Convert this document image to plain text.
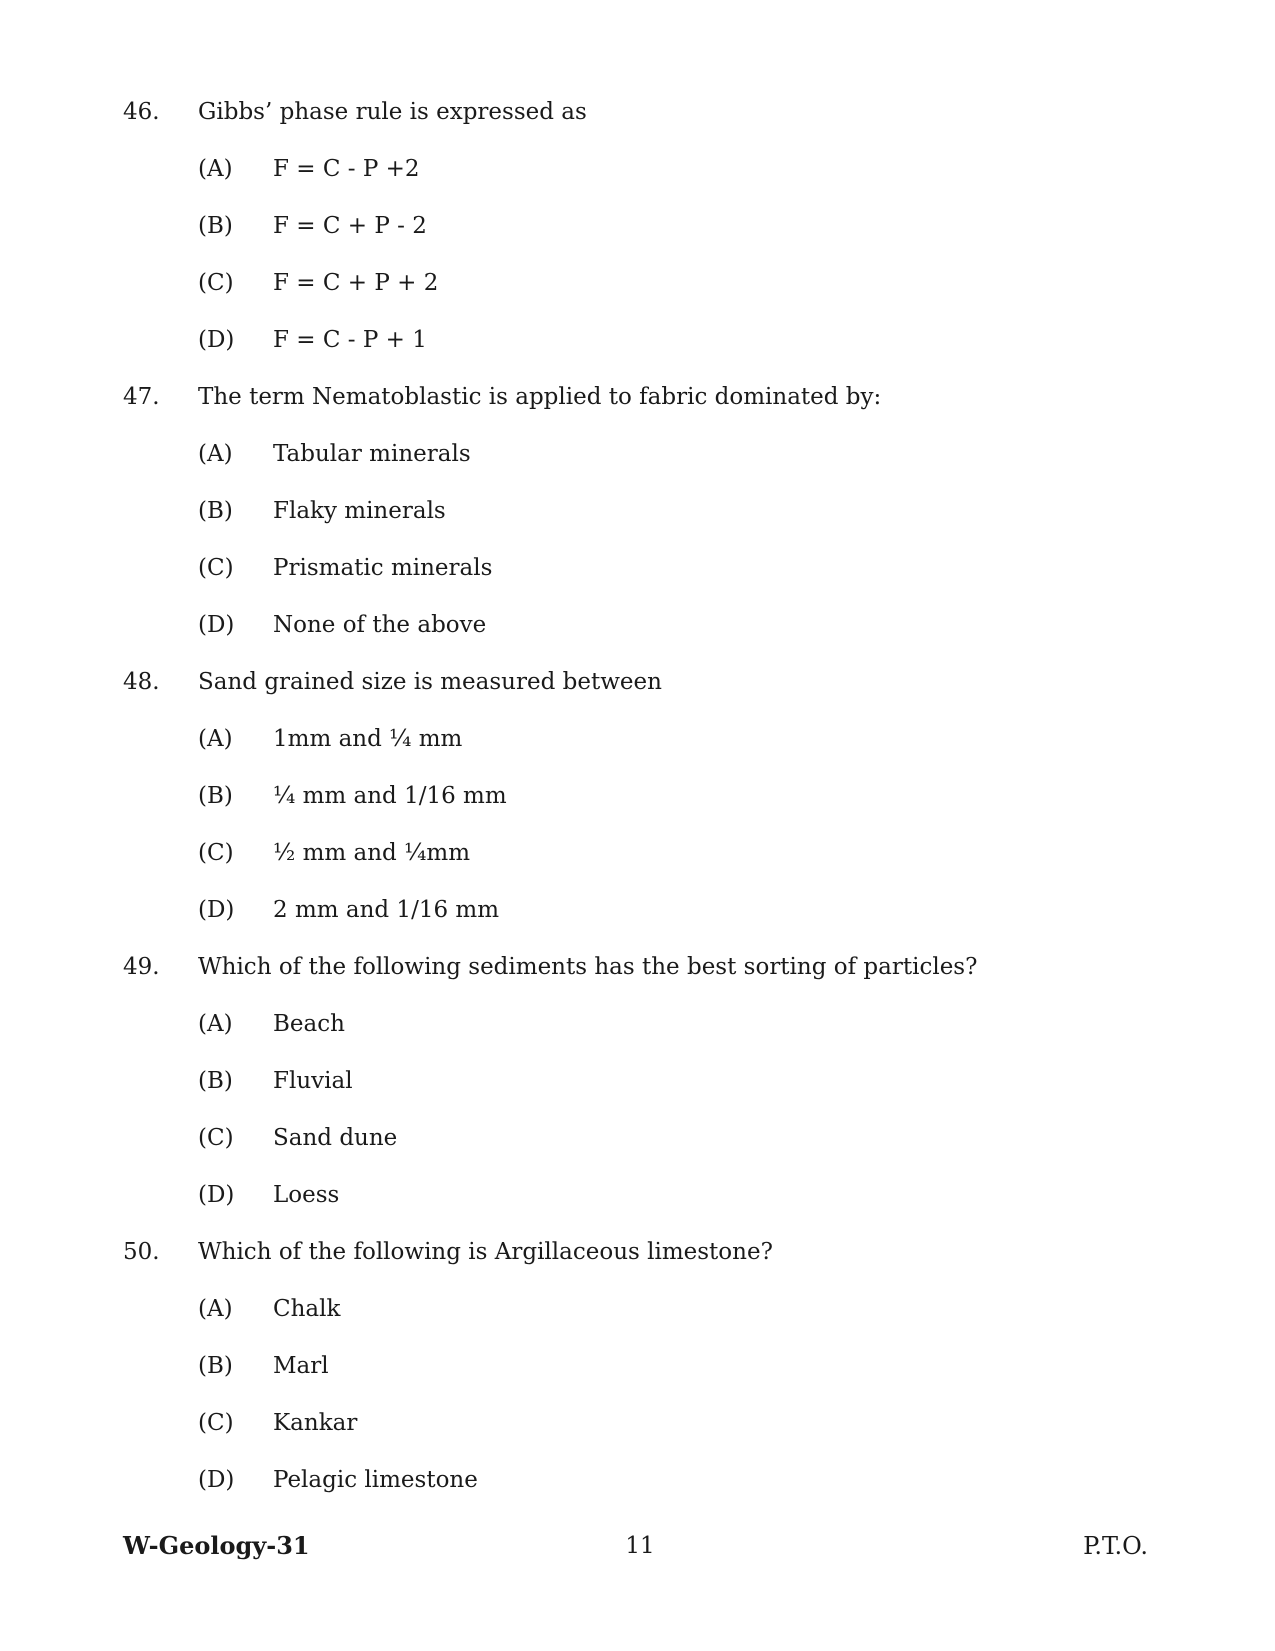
46. Gibbs’ phase rule is expressed as
(A) F = C - P +2
(B) F = C + P - 2
(C) F = C + P + 2
(D) F = C - P + 1
47. The term Nematoblastic is applied to fabric dominated by:
(A) Tabular minerals
(B) Flaky minerals
(C) Prismatic minerals
(D) None of the above
48. Sand grained size is measured between
(A) 1mm and ¼ mm
(B) ¼ mm and 1/16 mm
(C) ½ mm and ¼mm
(D) 2 mm and 1/16 mm
49. Which of the following sediments has the best sorting of particles?
(A) Beach
(B) Fluvial
(C) Sand dune
(D) Loess
50. Which of the following is Argillaceous limestone?
(A) Chalk
(B) Marl
(C) Kankar
(D) Pelagic limestone
W-Geology-31	11	P.T.O.
